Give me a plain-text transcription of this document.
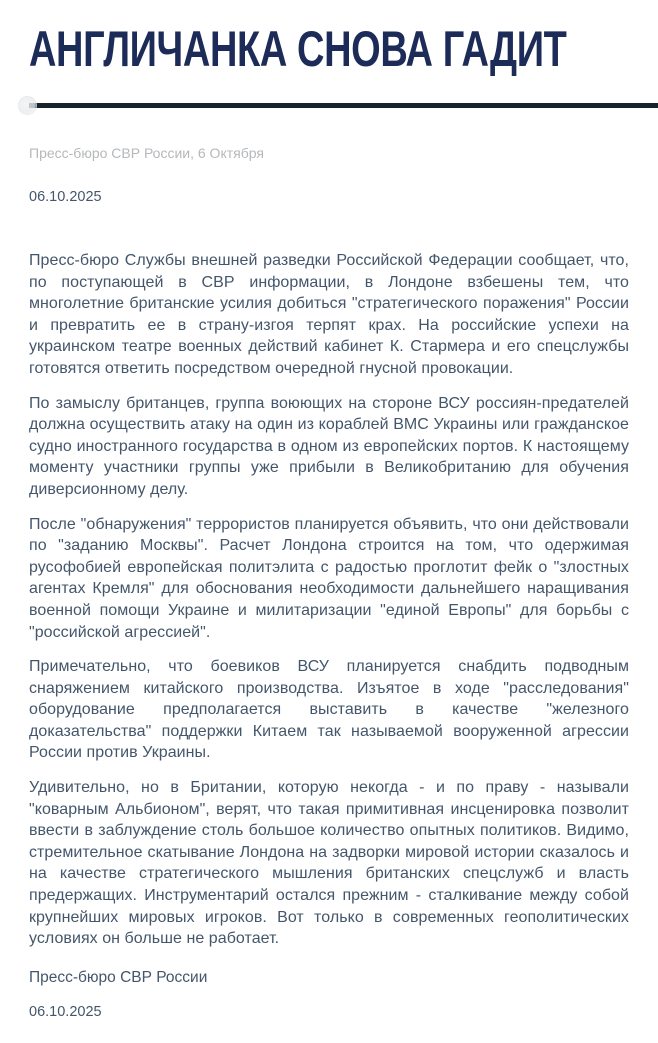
АНГЛИЧАНКА СНОВА ГАДИТ
Пресс-бюро СВР России, 6 Октября
06.10.2025

Пресс-бюро Службы внешней разведки Российской Федерации сообщает, что, по поступающей в СВР информации, в Лондоне взбешены тем, что многолетние британские усилия добиться "стратегического поражения" России и превратить ее в страну-изгоя терпят крах. На российские успехи на украинском театре военных действий кабинет К. Стармера и его спецслужбы готовятся ответить посредством очередной гнусной провокации.

По замыслу британцев, группа воюющих на стороне ВСУ россиян-предателей должна осуществить атаку на один из кораблей ВМС Украины или гражданское судно иностранного государства в одном из европейских портов. К настоящему моменту участники группы уже прибыли в Великобританию для обучения диверсионному делу.

После "обнаружения" террористов планируется объявить, что они действовали по "заданию Москвы". Расчет Лондона строится на том, что одержимая русофобией европейская политэлита с радостью проглотит фейк о "злостных агентах Кремля" для обоснования необходимости дальнейшего наращивания военной помощи Украине и милитаризации "единой Европы" для борьбы с "российской агрессией".

Примечательно, что боевиков ВСУ планируется снабдить подводным снаряжением китайского производства. Изъятое в ходе "расследования" оборудование предполагается выставить в качестве "железного доказательства" поддержки Китаем так называемой вооруженной агрессии России против Украины.

Удивительно, но в Британии, которую некогда - и по праву - называли "коварным Альбионом", верят, что такая примитивная инсценировка позволит ввести в заблуждение столь большое количество опытных политиков. Видимо, стремительное скатывание Лондона на задворки мировой истории сказалось и на качестве стратегического мышления британских спецслужб и власть предержащих. Инструментарий остался прежним - сталкивание между собой крупнейших мировых игроков. Вот только в современных геополитических условиях он больше не работает.

Пресс-бюро СВР России
06.10.2025
